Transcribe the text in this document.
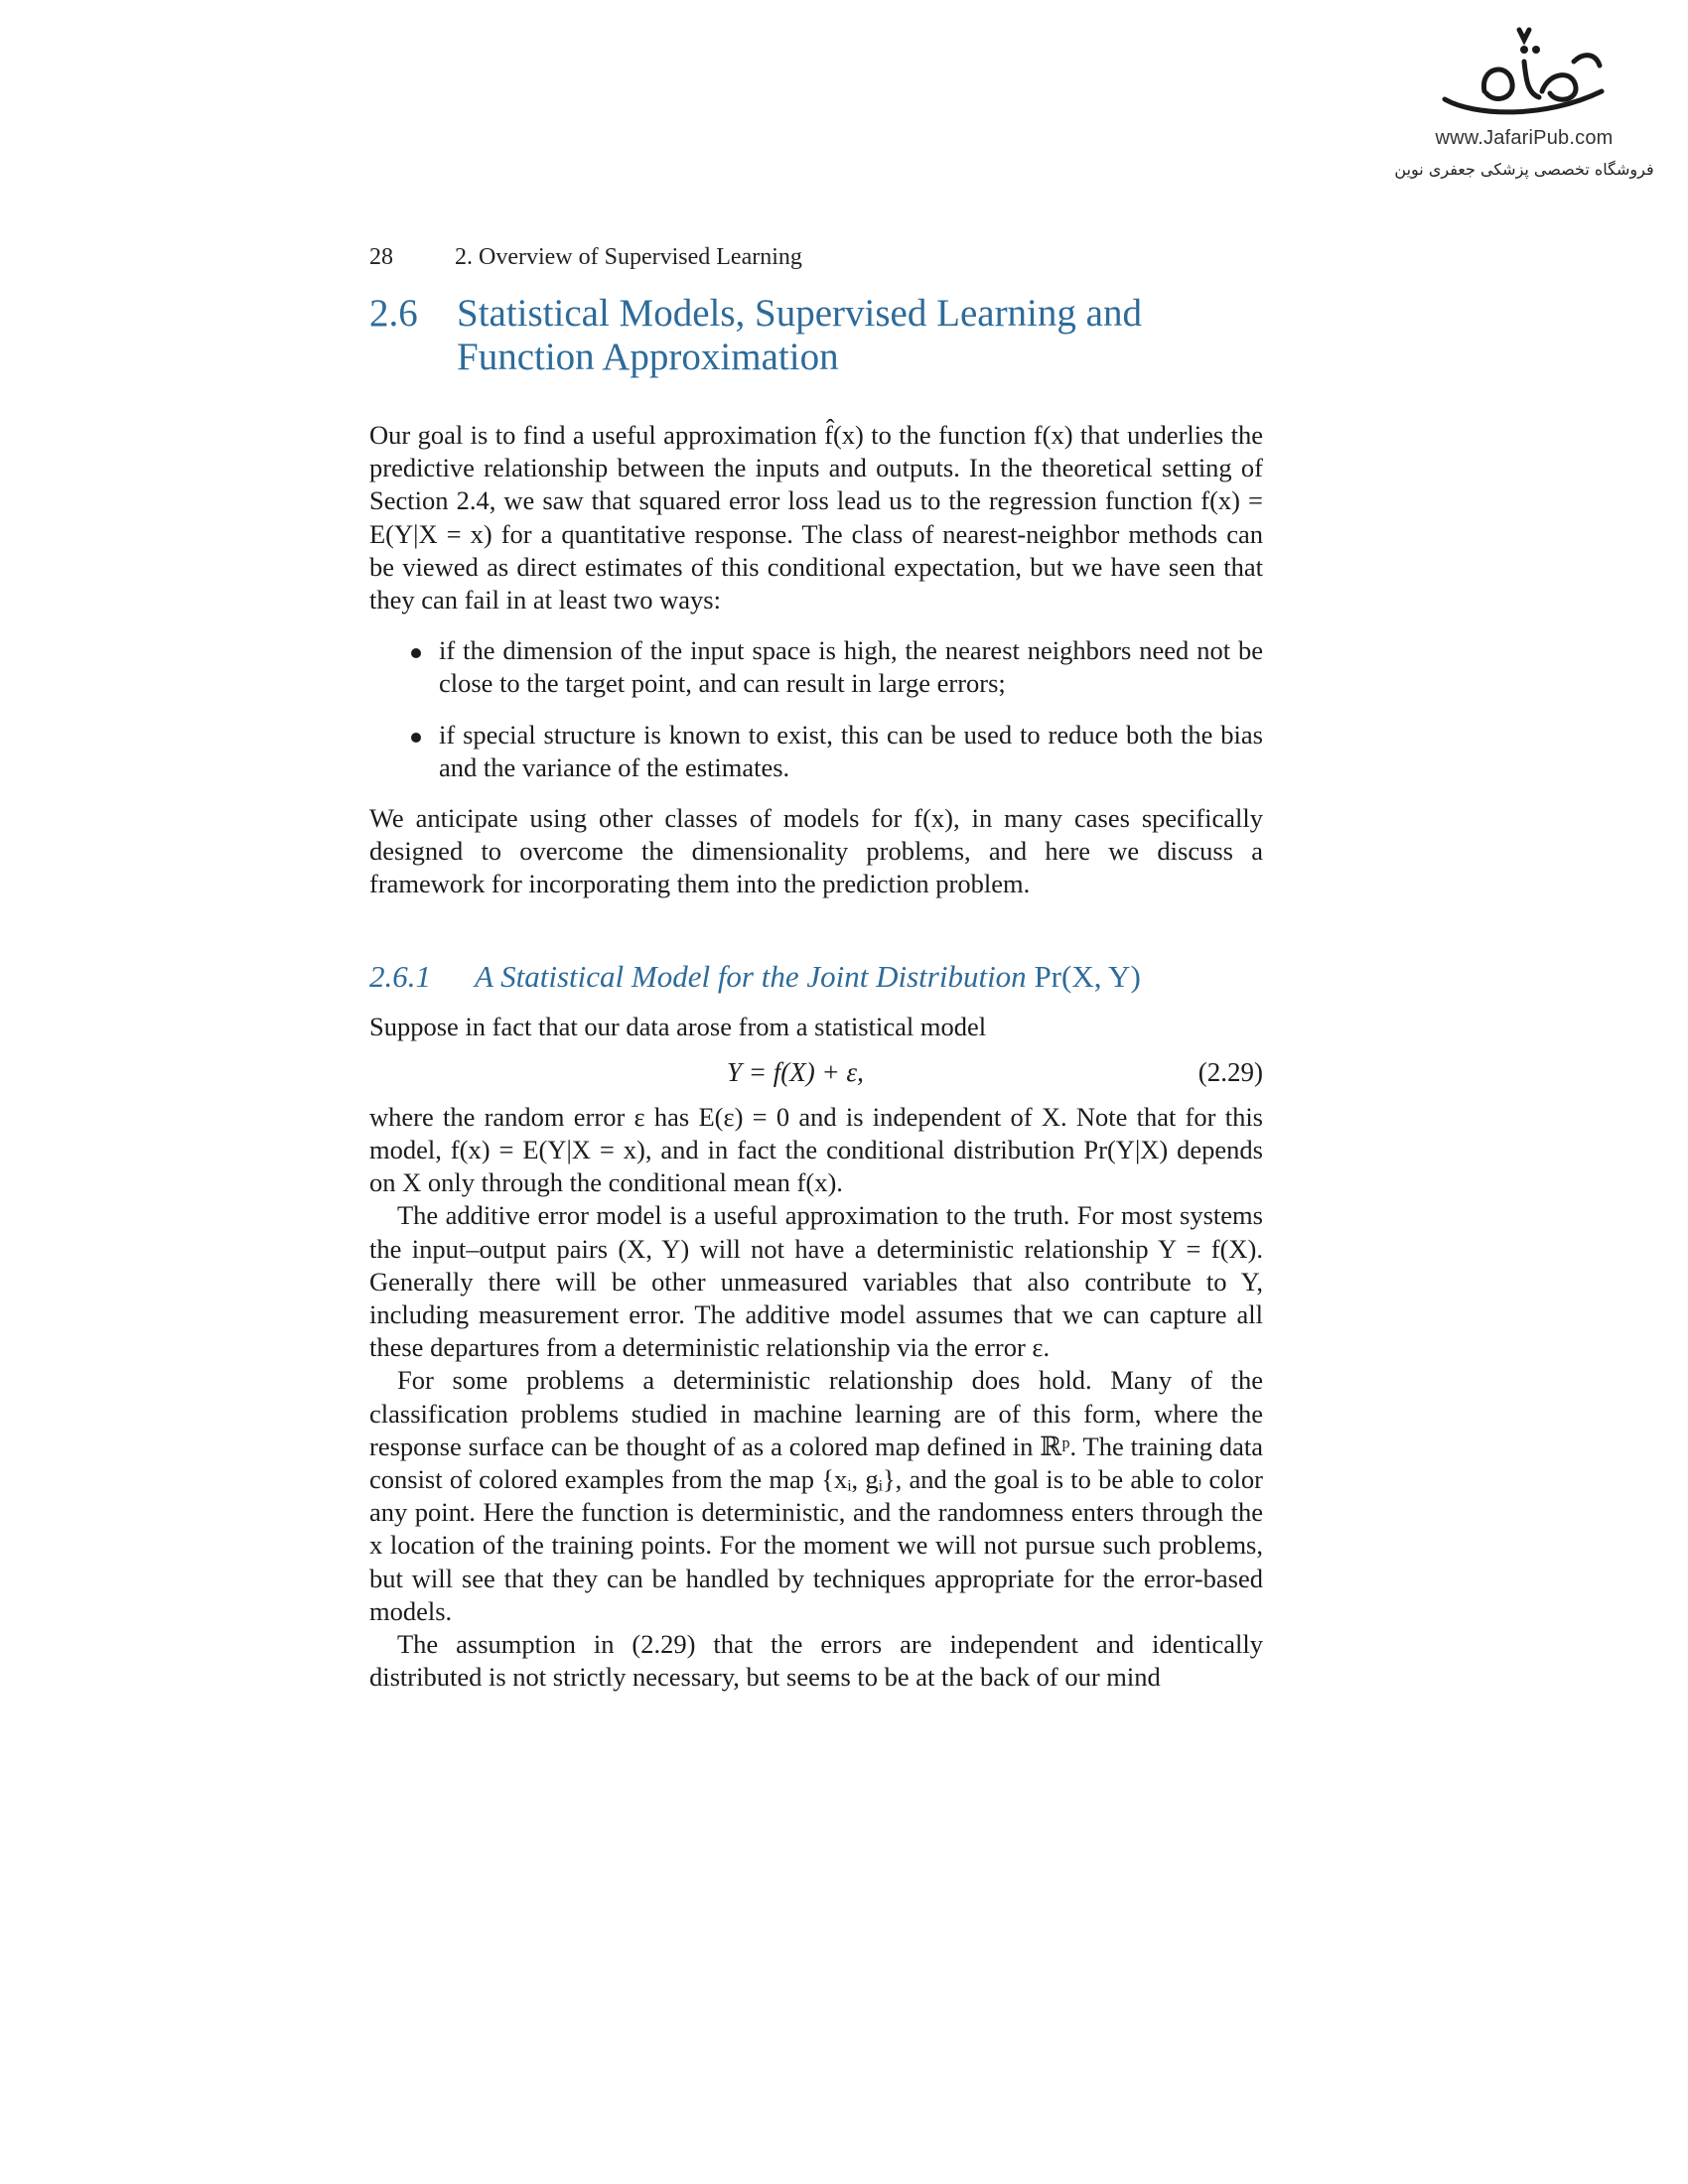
www.JafariPub.com
فروشگاه تخصصی پزشکی جعفری نوین
28	2. Overview of Supervised Learning
2.6	Statistical Models, Supervised Learning and Function Approximation

Our goal is to find a useful approximation f̂(x) to the function f(x) that underlies the predictive relationship between the inputs and outputs. In the theoretical setting of Section 2.4, we saw that squared error loss lead us to the regression function f(x) = E(Y|X = x) for a quantitative response. The class of nearest-neighbor methods can be viewed as direct estimates of this conditional expectation, but we have seen that they can fail in at least two ways:

if the dimension of the input space is high, the nearest neighbors need not be close to the target point, and can result in large errors;
if special structure is known to exist, this can be used to reduce both the bias and the variance of the estimates.

We anticipate using other classes of models for f(x), in many cases specifically designed to overcome the dimensionality problems, and here we discuss a framework for incorporating them into the prediction problem.

2.6.1	A Statistical Model for the Joint Distribution Pr(X, Y)

Suppose in fact that our data arose from a statistical model

Y = f(X) + ε,	(2.29)

where the random error ε has E(ε) = 0 and is independent of X. Note that for this model, f(x) = E(Y|X = x), and in fact the conditional distribution Pr(Y|X) depends on X only through the conditional mean f(x).

The additive error model is a useful approximation to the truth. For most systems the input–output pairs (X, Y) will not have a deterministic relationship Y = f(X). Generally there will be other unmeasured variables that also contribute to Y, including measurement error. The additive model assumes that we can capture all these departures from a deterministic relationship via the error ε.

For some problems a deterministic relationship does hold. Many of the classification problems studied in machine learning are of this form, where the response surface can be thought of as a colored map defined in ℝᵖ. The training data consist of colored examples from the map {xᵢ, gᵢ}, and the goal is to be able to color any point. Here the function is deterministic, and the randomness enters through the x location of the training points. For the moment we will not pursue such problems, but will see that they can be handled by techniques appropriate for the error-based models.

The assumption in (2.29) that the errors are independent and identically distributed is not strictly necessary, but seems to be at the back of our mind
